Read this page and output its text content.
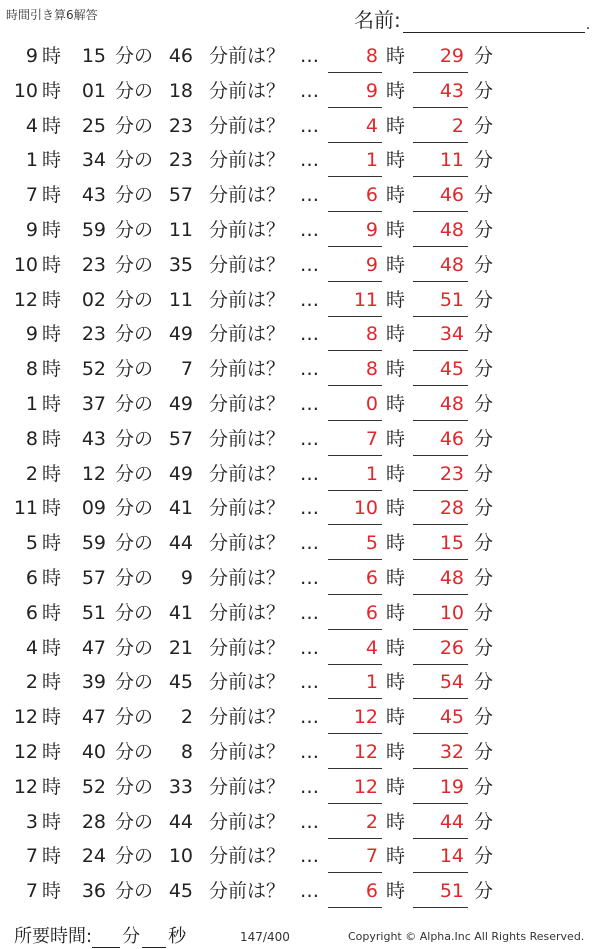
時間引き算6解答	名前:	.
9 時	15 分の 46 分前は？ …	8 時	29 分
10 時	01 分の 18 分前は？ …	9 時	43 分
4 時	25 分の 23 分前は？ …	4 時	2 分
1 時	34 分の 23 分前は？ …	1 時	11 分
7 時	43 分の 57 分前は？ …	6 時	46 分
9 時	59 分の 11 分前は？ …	9 時	48 分
10 時	23 分の 35 分前は？ …	9 時	48 分
12 時	02 分の 11 分前は？ …	11 時	51 分
9 時	23 分の 49 分前は？ …	8 時	34 分
8 時	52 分の	7 分前は？ …	8 時	45 分
1 時	37 分の 49 分前は？ …	0 時	48 分
8 時	43 分の 57 分前は？ …	7 時	46 分
2 時	12 分の 49 分前は？ …	1 時	23 分
11 時	09 分の 41 分前は？ …	10 時	28 分
5 時	59 分の 44 分前は？ …	5 時	15 分
6 時	57 分の	9 分前は？ …	6 時	48 分
6 時	51 分の 41 分前は？ …	6 時	10 分
4 時	47 分の 21 分前は？ …	4 時	26 分
2 時	39 分の 45 分前は？ …	1 時	54 分
12 時	47 分の	2 分前は？ …	12 時	45 分
12 時	40 分の	8 分前は？ …	12 時	32 分
12 時	52 分の 33 分前は？ …	12 時	19 分
3 時	28 分の 44 分前は？ …	2 時	44 分
7 時	24 分の 10 分前は？ …	7 時	14 分
7 時	36 分の 45 分前は？ …	6 時	51 分
所要時間: 分 秒	147/400	Copyright © Alpha.Inc All Rights Reserved.
